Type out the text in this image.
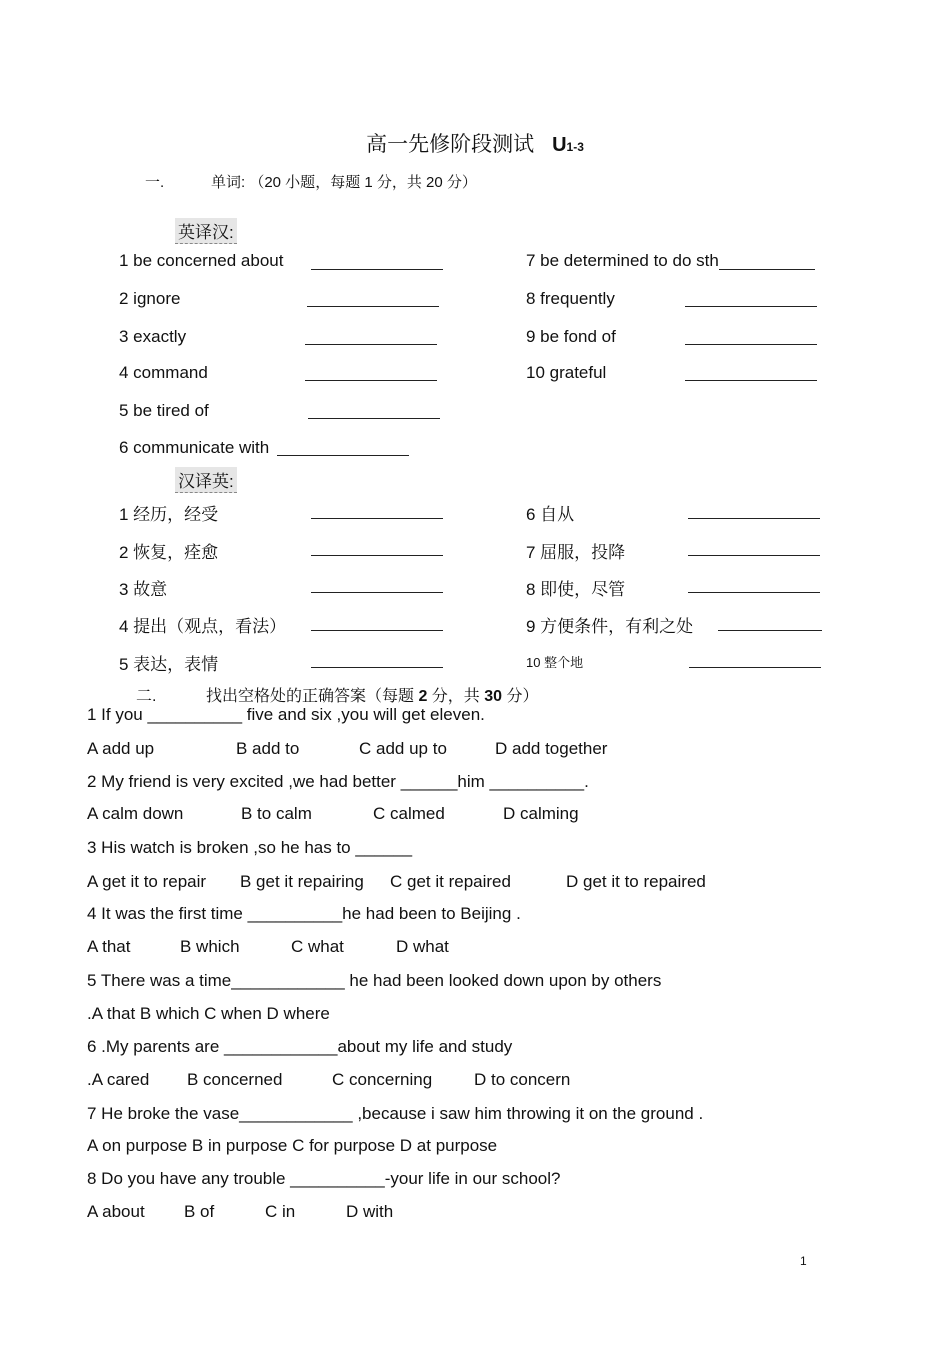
高一先修阶段测试 U1-3
一.	单词: （20 小题，每题 1 分，共 20 分）
英译汉:
1 be concerned about
2 ignore
3 exactly
4 command
5 be tired of
6 communicate with
7 be determined to do sth
8 frequently
9 be fond of
10 grateful
汉译英:
1 经历，经受
2 恢复，痊愈
3 故意
4 提出（观点，看法）
5 表达，表情
6 自从
7 屈服，投降
8 即使，尽管
9 方便条件，有利之处
10 整个地
二.	找出空格处的正确答案（每题 2 分，共 30 分）
1 If you __________ five and six ,you will get eleven.
A add up	B add to	C add up to	D add together
2 My friend is very excited ,we had better ______him __________.
A calm down	B to calm	C calmed	D calming
3 His watch is broken ,so he has to ______
A get it to repair B get it repairing C get it repaired	D get it to repaired
4 It was the first time __________he had been to Beijing .
A that	B which	C what	D what
5 There was a time____________ he had been looked down upon by others
.A that B which C when D where
6 .My parents are ____________about my life and study
.A cared B concerned	C concerning D to concern
7 He broke the vase____________ ,because i saw him throwing it on the ground .
A on purpose B in purpose C for purpose D at purpose
8 Do you have any trouble __________-your life in our school?
A about B of	C in	D with
1
